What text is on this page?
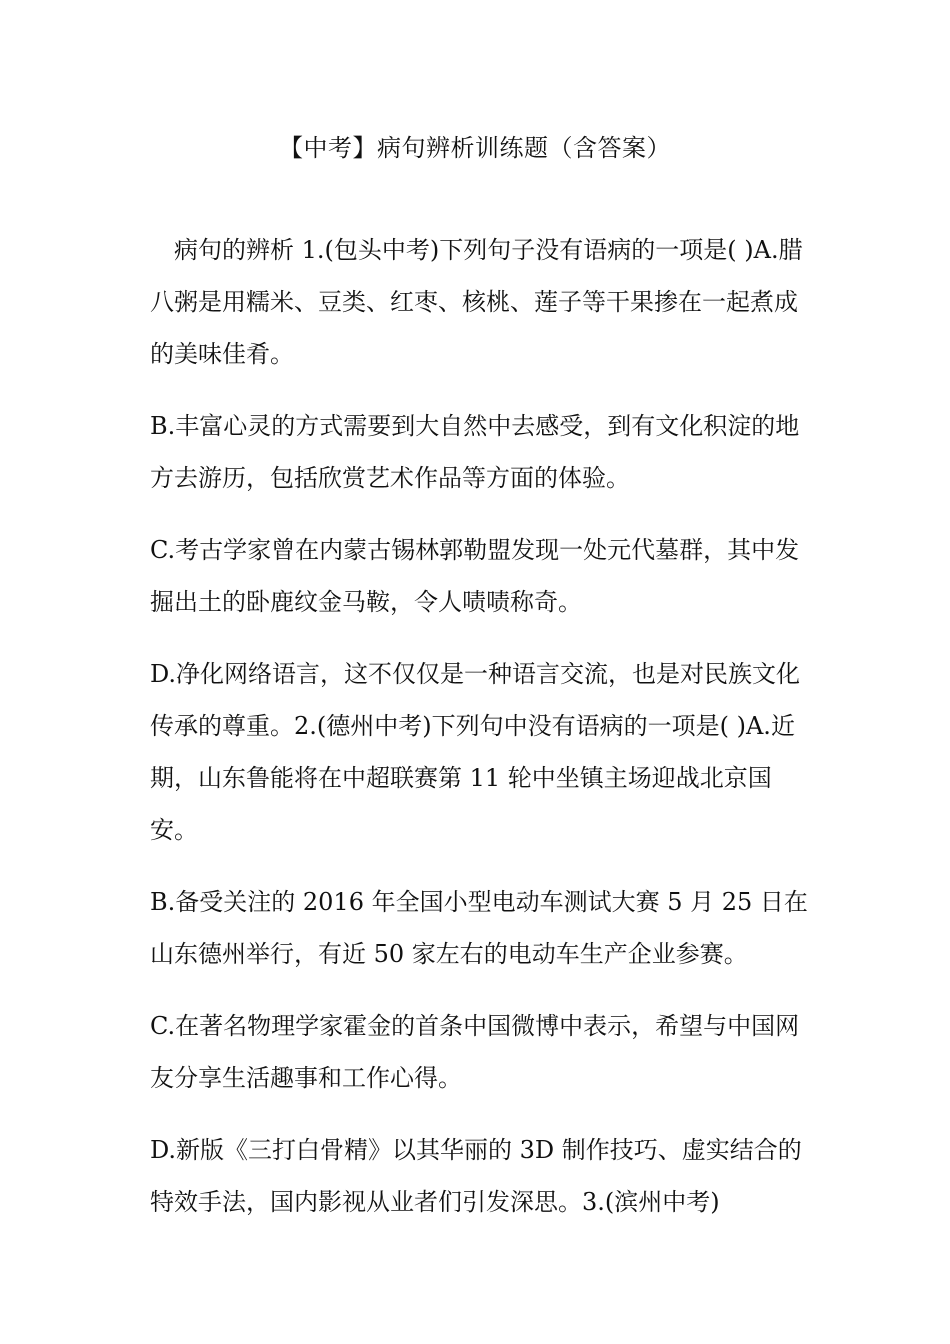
【中考】病句辨析训练题（含答案）

病句的辨析 1.(包头中考)下列句子没有语病的一项是( )A.腊八粥是用糯米、豆类、红枣、核桃、莲子等干果掺在一起煮成的美味佳肴。

B.丰富心灵的方式需要到大自然中去感受，到有文化积淀的地方去游历，包括欣赏艺术作品等方面的体验。

C.考古学家曾在内蒙古锡林郭勒盟发现一处元代墓群，其中发掘出土的卧鹿纹金马鞍，令人啧啧称奇。

D.净化网络语言，这不仅仅是一种语言交流，也是对民族文化传承的尊重。2.(德州中考)下列句中没有语病的一项是( )A.近期，山东鲁能将在中超联赛第 11 轮中坐镇主场迎战北京国安。

B.备受关注的 2016 年全国小型电动车测试大赛 5 月 25 日在山东德州举行，有近 50 家左右的电动车生产企业参赛。

C.在著名物理学家霍金的首条中国微博中表示，希望与中国网友分享生活趣事和工作心得。

D.新版《三打白骨精》以其华丽的 3D 制作技巧、虚实结合的特效手法，国内影视从业者们引发深思。3.(滨州中考)
